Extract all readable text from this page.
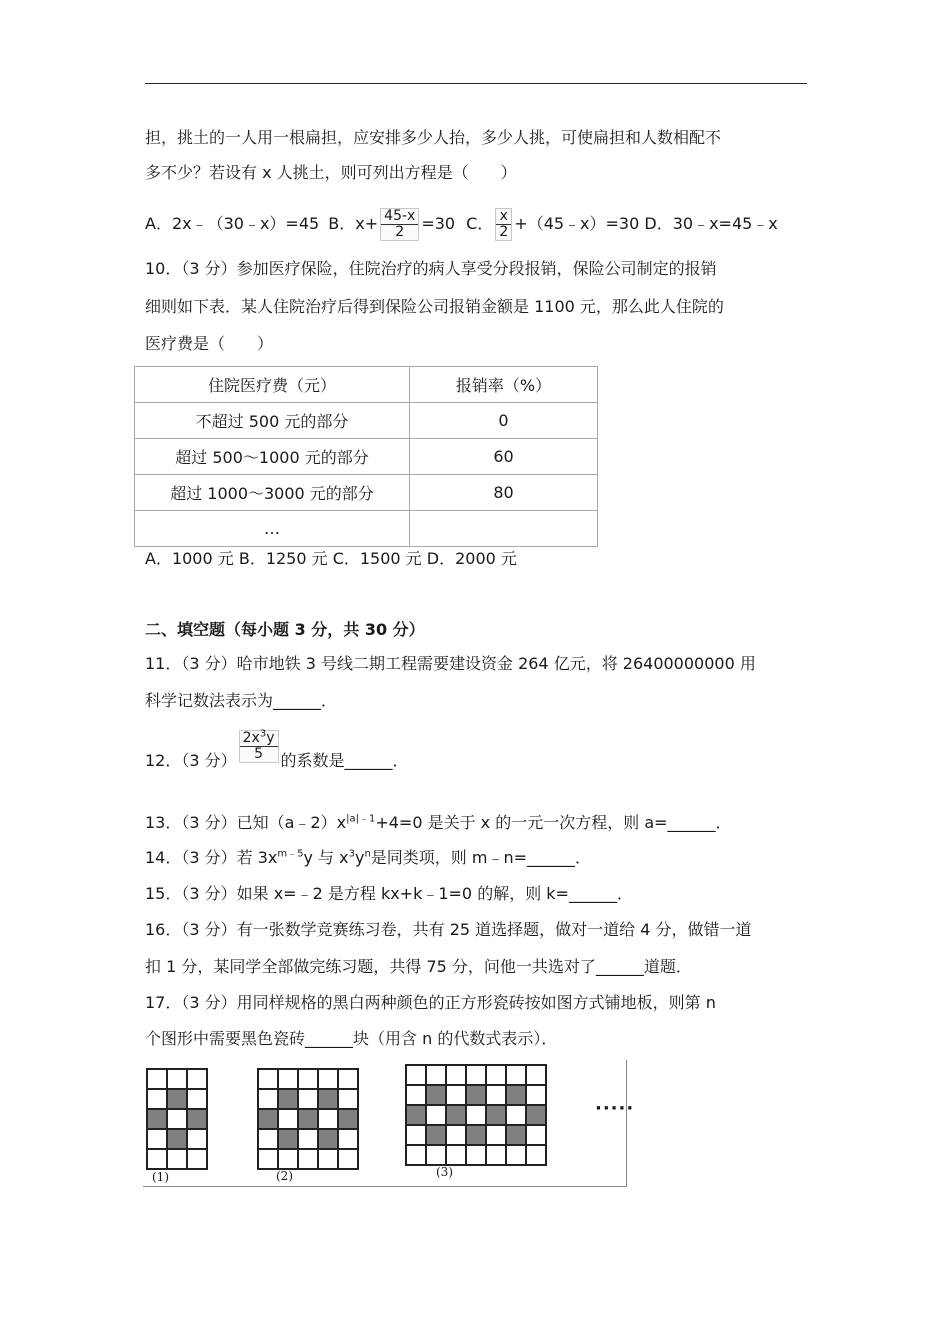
担，挑土的一人用一根扁担，应安排多少人抬，多少人挑，可使扁担和人数相配不
多不少？若设有 x 人挑土，则可列出方程是（　　）
A．2x﹣（30﹣x）=45 B．$x+ \frac{45-x}{2} =30$ C． $\frac{x}{2}$ +（45﹣x）=30 D．30﹣x=45﹣x
10．（3 分）参加医疗保险，住院治疗的病人享受分段报销，保险公司制定的报销
细则如下表．某人住院治疗后得到保险公司报销金额是 1100 元，那么此人住院的
医疗费是（　　）
住院医疗费（元）	报销率（%）
不超过 500 元的部分	0
超过 500～1000 元的部分	60
超过 1000～3000 元的部分	80
…	
A．1000 元 B．1250 元 C．1500 元 D．2000 元
二、填空题（每小题 3 分，共 30 分）
11．（3 分）哈市地铁 3 号线二期工程需要建设资金 264 亿元，将 26400000000 用
科学记数法表示为______．
12．（3 分） $\frac{2x^3y}{5}$ 的系数是______．
13．（3 分）已知$(a﹣2)x^{|a|﹣1}+4=0$ 是关于 x 的一元一次方程，则 a=______．
14．（3 分）若 $3x^{m﹣5}y$ 与 $x^3y^n$是同类项，则 m﹣n=______．
15．（3 分）如果 x=﹣2 是方程 kx+k﹣1=0 的解，则 k=______．
16．（3 分）有一张数学竞赛练习卷，共有 25 道选择题，做对一道给 4 分，做错一道
扣 1 分，某同学全部做完练习题，共得 75 分，问他一共选对了______道题．
17．（3 分）用同样规格的黑白两种颜色的正方形瓷砖按如图方式铺地板，则第 n
个图形中需要黑色瓷砖______块（用含 n 的代数式表示）．
(1)	(2)	(3)
·····
